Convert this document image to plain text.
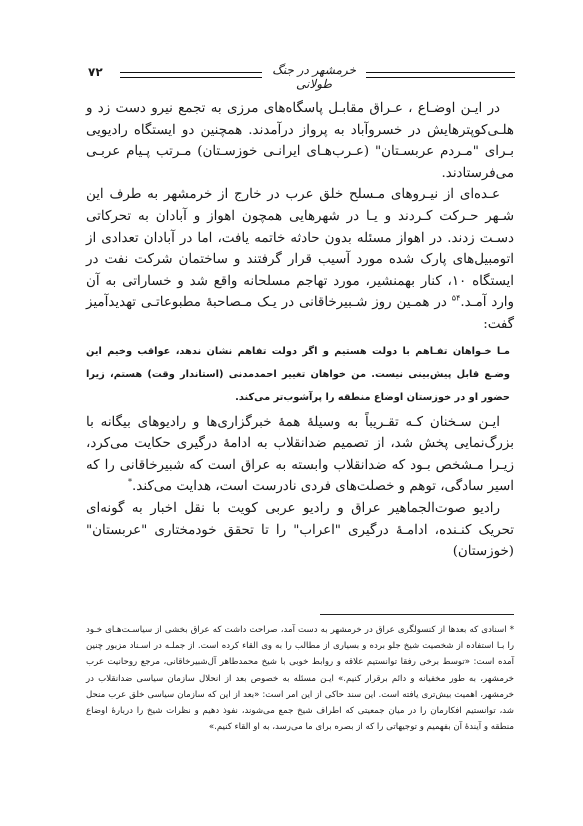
۷۲	خرمشهر در جنگ طولانی

در ایـن اوضـاع ، عـراق مقابـل پاسگاه‌های مرزی به تجمع نیرو دست زد و هلـی‌کوپترهایش در خسروآباد به پرواز درآمدند. همچنین دو ایستگاه رادیویی بـرای "مـردم عربسـتان" (عـرب‌هـای ایرانـی خوزسـتان) مـرتب پـیام عربـی می‌فرستادند.

عـده‌ای از نیـروهای مـسلح خلق عرب در خارج از خرمشهر به طرف این شـهر حـرکت کـردند و یـا در شهرهایی همچون اهواز و آبادان به تحرکاتی دسـت زدند. در اهواز مسئله بدون حادثه خاتمه یافت، اما در آبادان تعدادی از اتومبیل‌های پارک شده مورد آسیب قرار گرفتند و ساختمان شرکت نفت در ایستگاه ۱۰، کنار بهمنشیر، مورد تهاجم مسلحانه واقع شد و خساراتی به آن وارد آمـد.$^{۵۴}$ در همـین روز شـبیرخاقانی در یـک مـصاحبهٔ مطبوعاتـی تهدیدآمیز گفت:

مـا خـواهان تفـاهم با دولت هستیم و اگر دولت تفاهم نشان ندهد، عواقب وخیم این وضـع قابل پیش‌بینی نیست. من خواهان تغییر احمدمدنی (استاندار وقت) هستم، زیرا حضور او در خوزستان اوضاع منطقه را پرآشوب‌تر می‌کند.

ایـن سـخنان کـه تقـریباً به وسیلهٔ همهٔ خبرگزاری‌ها و رادیوهای بیگانه با بزرگ‌نمایی پخش شد، از تصمیم ضدانقلاب به ادامهٔ درگیری حکایت می‌کرد، زیـرا مـشخص بـود که ضدانقلاب وابسته به عراق است که شبیرخاقانی را که اسیر سادگی، توهم و خصلت‌های فردی نادرست است، هدایت می‌کند.*

رادیو صوت‌الجماهیر عراق و رادیو عربی کویت با نقل اخبار به گونه‌ای تحریک کنـنده، ادامـهٔ درگیری "اعراب" را تا تحقق خودمختاری "عربستان" (خوزستان)

* اسنادی که بعدها از کنسولگری عراق در خرمشهر به دست آمد، صراحت داشت که عراق بخشی از سیاسـت‌هـای خـود را بـا استفاده از شخصیت شیخ جلو برده و بسیاری از مطالب را به وی القاء کرده است. از جملـه در اسـناد مزبور چنین آمده است: «توسط برخی رفقا توانستیم علاقه و روابط خوبی با شیخ محمدطاهر آل‌شبیرخاقانی، مرجع روحانیت عرب خرمشهر، به طور مخفیانه و دائم برقرار کنیم.» ایـن مسئله به خصوص بعد از انحلال سازمان سیاسی ضدانقلاب در خرمشهر، اهمیت بیش‌تری یافته است. این سند حاکی از این امر است: «بعد از این که سازمان سیاسی خلق عرب منحل شد، توانستیم افکارمان را در میان جمعیتی که اطراف شیخ جمع می‌شوند، نفوذ دهیم و نظرات شیخ را دربارهٔ اوضاع منطقه و آیندهٔ آن بفهمیم و توجیهاتی را که از بصره برای ما می‌رسد، به او القاء کنیم.»
